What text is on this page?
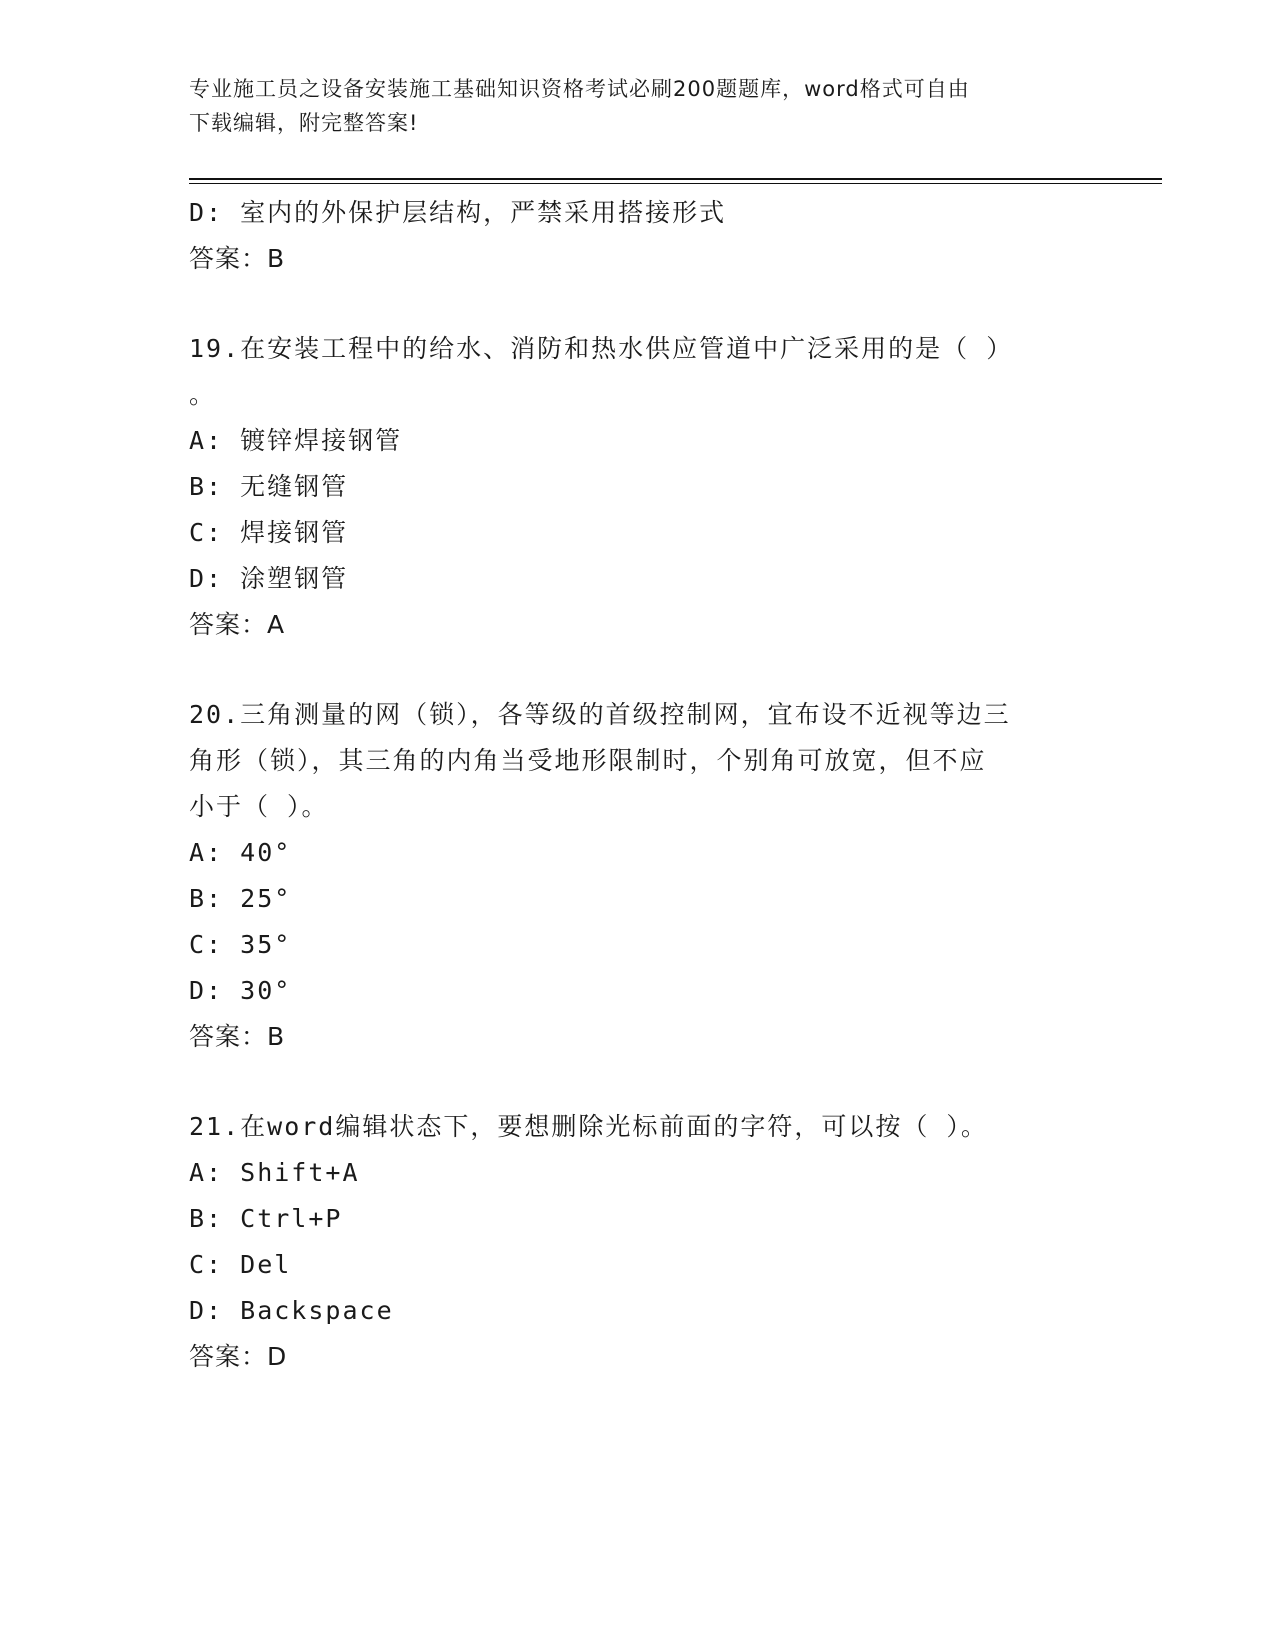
专业施工员之设备安装施工基础知识资格考试必刷200题题库，word格式可自由
下载编辑，附完整答案!
D: 室内的外保护层结构，严禁采用搭接形式
答案：B
19.在安装工程中的给水、消防和热水供应管道中广泛采用的是（ ）
。
A: 镀锌焊接钢管
B: 无缝钢管
C: 焊接钢管
D: 涂塑钢管
答案：A
20.三角测量的网（锁），各等级的首级控制网，宜布设不近视等边三
角形（锁），其三角的内角当受地形限制时，个别角可放宽，但不应
小于（ ）。
A: 40°
B: 25°
C: 35°
D: 30°
答案：B
21.在word编辑状态下，要想删除光标前面的字符，可以按（ ）。
A: Shift+A
B: Ctrl+P
C: Del
D: Backspace
答案：D
